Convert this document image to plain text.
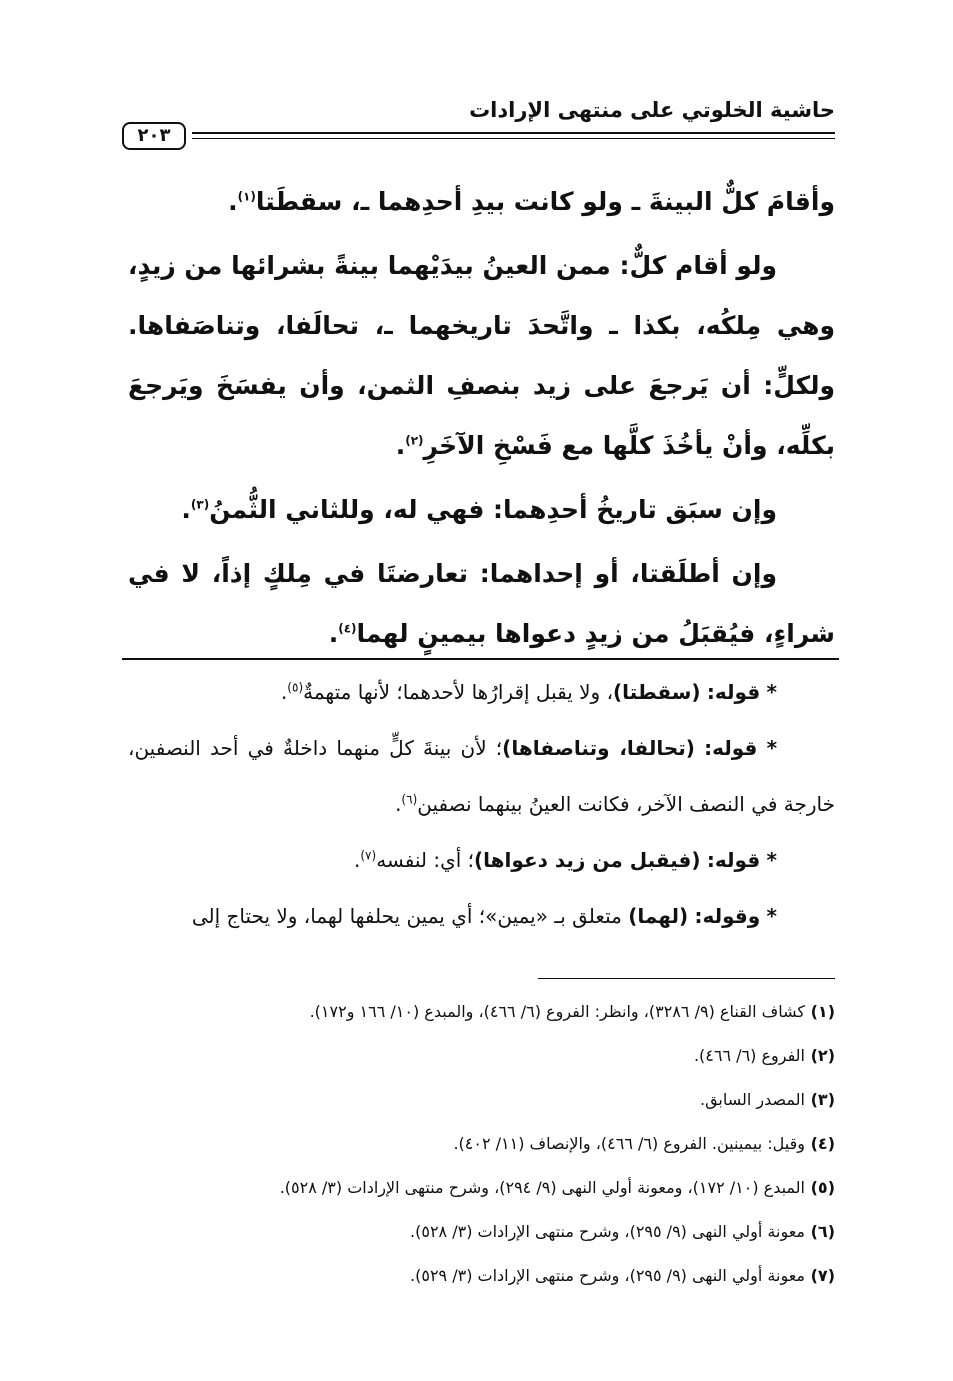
حاشية الخلوتي على منتهى الإرادات
٢٠٣

وأقامَ كلٌّ البينةَ ـ ولو كانت بيدِ أحدِهما ـ، سقطَتا$^{(١)}$.

ولو أقام كلٌّ: ممن العينُ بيدَيْهما بينةً بشرائها من زيدٍ، وهي مِلكُه، بكذا ـ واتَّحدَ تاريخهما ـ، تحالَفا، وتناصَفاها. ولكلٍّ: أن يَرجعَ على زيد بنصفِ الثمن، وأن يفسَخَ ويَرجعَ بكلِّه، وأنْ يأخُذَ كلَّها مع فَسْخِ الآخَرِ$^{(٢)}$.

وإن سبَق تاريخُ أحدِهما: فهي له، وللثاني الثُّمنُ$^{(٣)}$.

وإن أطلَقتا، أو إحداهما: تعارضتَا في مِلكٍ إذاً، لا في شراءٍ، فيُقبَلُ من زيدٍ دعواها بيمينٍ لهما$^{(٤)}$.

* قوله: (سقطتا)، ولا يقبل إقرارُها لأحدهما؛ لأنها متهمةٌ$^{(٥)}$.

* قوله: (تحالفا، وتناصفاها)؛ لأن بينةَ كلٍّ منهما داخلةٌ في أحد النصفين، خارجة في النصف الآخر، فكانت العينُ بينهما نصفين$^{(٦)}$.

* قوله: (فيقبل من زيد دعواها)؛ أي: لنفسه$^{(٧)}$.

* وقوله: (لهما) متعلق بـ «يمين»؛ أي يمين يحلفها لهما، ولا يحتاج إلى

(١)كشاف القناع (٩/ ٣٢٨٦)، وانظر: الفروع (٦/ ٤٦٦)، والمبدع (١٠/ ١٦٦ و١٧٢).
(٢)الفروع (٦/ ٤٦٦).
(٣)المصدر السابق.
(٤)وقيل: بيمينين. الفروع (٦/ ٤٦٦)، والإنصاف (١١/ ٤٠٢).
(٥)المبدع (١٠/ ١٧٢)، ومعونة أولي النهى (٩/ ٢٩٤)، وشرح منتهى الإرادات (٣/ ٥٢٨).
(٦)معونة أولي النهى (٩/ ٢٩٥)، وشرح منتهى الإرادات (٣/ ٥٢٨).
(٧)معونة أولي النهى (٩/ ٢٩٥)، وشرح منتهى الإرادات (٣/ ٥٢٩).
